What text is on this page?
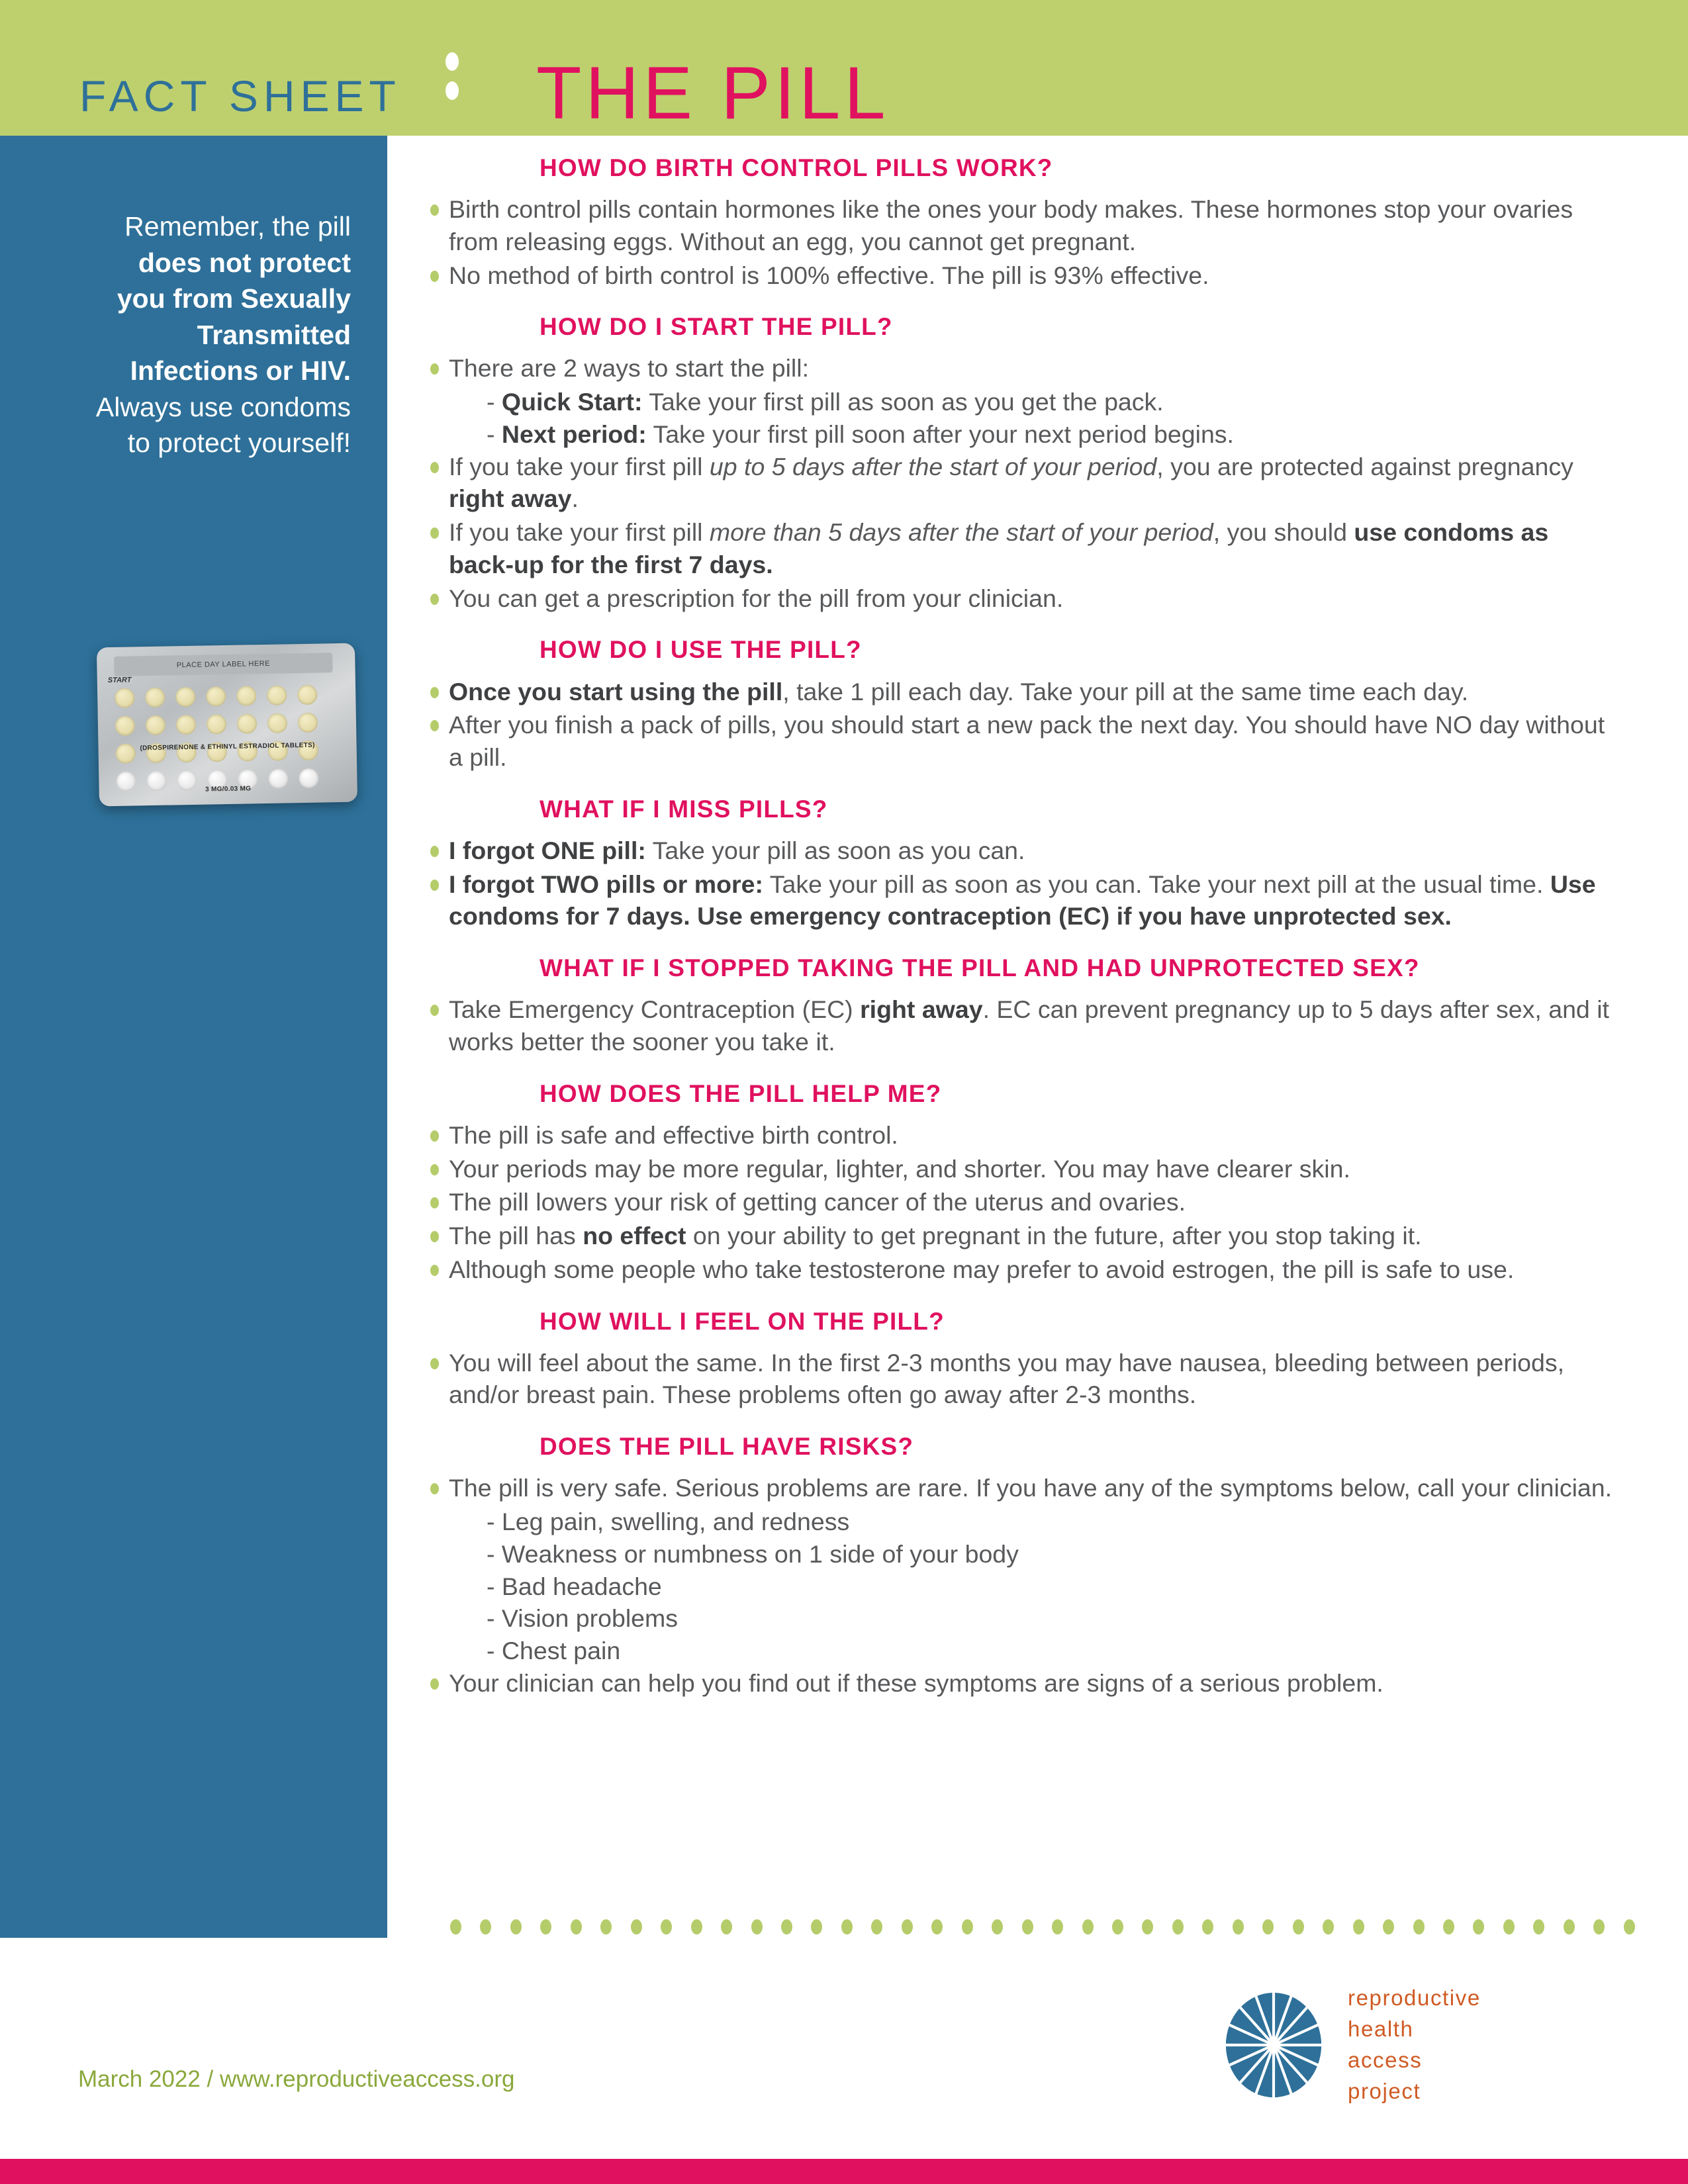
FACT SHEET THE PILL
Remember, the pill does not protect you from Sexually Transmitted Infections or HIV. Always use condoms to protect yourself!
PLACE DAY LABEL HERE
START
(DROSPIRENONE & ETHINYL ESTRADIOL TABLETS)
3 MG/0.03 MG
HOW DO BIRTH CONTROL PILLS WORK?
Birth control pills contain hormones like the ones your body makes. These hormones stop your ovaries from releasing eggs. Without an egg, you cannot get pregnant.
No method of birth control is 100% effective. The pill is 93% effective.
HOW DO I START THE PILL?
There are 2 ways to start the pill:
- Quick Start: Take your first pill as soon as you get the pack.
- Next period: Take your first pill soon after your next period begins.
If you take your first pill up to 5 days after the start of your period, you are protected against pregnancy right away.
If you take your first pill more than 5 days after the start of your period, you should use condoms as back-up for the first 7 days.
You can get a prescription for the pill from your clinician.
HOW DO I USE THE PILL?
Once you start using the pill, take 1 pill each day. Take your pill at the same time each day.
After you finish a pack of pills, you should start a new pack the next day. You should have NO day without a pill.
WHAT IF I MISS PILLS?
I forgot ONE pill: Take your pill as soon as you can.
I forgot TWO pills or more: Take your pill as soon as you can. Take your next pill at the usual time. Use condoms for 7 days. Use emergency contraception (EC) if you have unprotected sex.
WHAT IF I STOPPED TAKING THE PILL AND HAD UNPROTECTED SEX?
Take Emergency Contraception (EC) right away. EC can prevent pregnancy up to 5 days after sex, and it works better the sooner you take it.
HOW DOES THE PILL HELP ME?
The pill is safe and effective birth control.
Your periods may be more regular, lighter, and shorter. You may have clearer skin.
The pill lowers your risk of getting cancer of the uterus and ovaries.
The pill has no effect on your ability to get pregnant in the future, after you stop taking it.
Although some people who take testosterone may prefer to avoid estrogen, the pill is safe to use.
HOW WILL I FEEL ON THE PILL?
You will feel about the same. In the first 2-3 months you may have nausea, bleeding between periods, and/or breast pain. These problems often go away after 2-3 months.
DOES THE PILL HAVE RISKS?
The pill is very safe. Serious problems are rare. If you have any of the symptoms below, call your clinician.
- Leg pain, swelling, and redness
- Weakness or numbness on 1 side of your body
- Bad headache
- Vision problems
- Chest pain
Your clinician can help you find out if these symptoms are signs of a serious problem.
March 2022 / www.reproductiveaccess.org
reproductive
health
access
project
